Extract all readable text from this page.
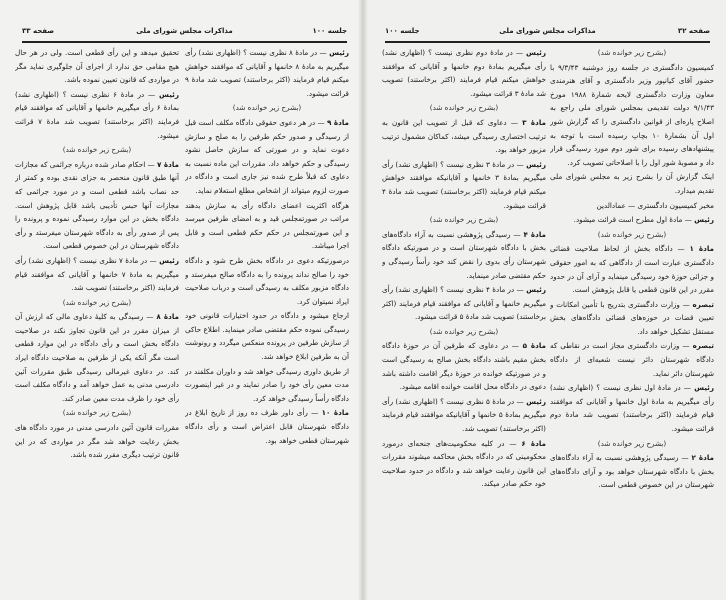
جلسه ۱۰۰
مذاکرات مجلس شورای ملی
صفحه ۳۳

رئیس — در مادهٔ ۸ نظری نیست ؟ (اظهاری نشد) رأی میگیریم به مادهٔ ۸ خانمها و آقایانی که موافقند خواهش میکنم قیام فرمایند (اکثر برخاستند) تصویب شد مادهٔ ۹ قرائت میشود.

(بشرح زیر خوانده شد)

مادهٔ ۹ — در هر دعوی حقوقی دادگاه مکلف است قبل از رسیدگی و صدور حکم طرفین را به صلح و سازش دعوت نماید و در صورتی که سازش حاصل نشود رسیدگی و حکم خواهد داد. مقررات این ماده نسبت به دعاوی که قبلاً طرح شده نیز جاری است و دادگاه در صورت لزوم میتواند از اشخاص مطلع استعلام نماید.

هرگاه اکثریت اعضای دادگاه رأی به سازش بدهند مراتب در صورتمجلس قید و به امضای طرفین میرسد و این صورتمجلس در حکم حکم قطعی است و قابل اجرا میباشد.

درصورتیکه دعوی در دادگاه بخش طرح شود و دادگاه خود را صالح نداند پرونده را به دادگاه صالح میفرستد و دادگاه مزبور مکلف به رسیدگی است و درباب صلاحیت ایراد نمیتوان کرد.

ارجاع میشود و دادگاه در حدود اختیارات قانونی خود رسیدگی نموده حکم مقتضی صادر مینماید. اطلاع حاکی از سازش طرفین در پرونده منعکس میگردد و رونوشت آن به طرفین ابلاغ خواهد شد.

از طریق داوری رسیدگی خواهد شد و داوران مکلفند در مدت معین رأی خود را صادر نمایند و در غیر اینصورت دادگاه رأساً رسیدگی خواهد کرد.

مادهٔ ۱۰ — رأی داور ظرف ده روز از تاریخ ابلاغ در دادگاه شهرستان قابل اعتراض است و رأی دادگاه شهرستان قطعی خواهد بود.

تحقیق میدهد و این رأی قطعی است. ولی در هر حال هیچ مقامی حق ندارد از اجرای آن جلوگیری نماید مگر در مواردی که قانون تعیین نموده باشد.

رئیس — در مادهٔ ۶ نظری نیست ؟ (اظهاری نشد) بمادهٔ ۶ رأی میگیریم خانمها و آقایانی که موافقند قیام فرمایند (اکثر برخاستند) تصویب شد مادهٔ ۷ قرائت میشود.

(بشرح زیر خوانده شد)

مادهٔ ۷ — احکام صادر شده درباره جرائمی که مجازات آنها طبق قانون منحصر به جزای نقدی بوده و کمتر از حد نصاب باشد قطعی است و در مورد جرائمی که مجازات آنها حبس تأدیبی باشد قابل پژوهش است. دادگاه بخش در این موارد رسیدگی نموده و پرونده را پس از صدور رأی به دادگاه شهرستان میفرستد و رأی دادگاه شهرستان در این خصوص قطعی است.

رئیس — در مادهٔ ۷ نظری نیست ؟ (اظهاری نشد) رأی میگیریم به مادهٔ ۷ خانمها و آقایانی که موافقند قیام فرمایند (اکثر برخاستند) تصویب شد.

(بشرح زیر خوانده شد)

مادهٔ ۸ — رسیدگی به کلیهٔ دعاوی مالی که ارزش آن از میزان مقرر در این قانون تجاوز نکند در صلاحیت دادگاه بخش است و رأی دادگاه در این موارد قطعی است مگر آنکه یکی از طرفین به صلاحیت دادگاه ایراد کند. در دعاوی غیرمالی رسیدگی طبق مقررات آئین دادرسی مدنی به عمل خواهد آمد و دادگاه مکلف است رأی خود را ظرف مدت معین صادر کند.

(بشرح زیر خوانده شد)

مقررات قانون آئین دادرسی مدنی در مورد دادگاه های بخش رعایت خواهد شد مگر در مواردی که در این قانون ترتیب دیگری مقرر شده باشد.

صفحه ۳۲
مذاکرات مجلس شورای ملی
جلسه ۱۰۰

(بشرح زیر خوانده شد)

کمیسیون دادگستری در جلسه روز دوشنبه ۹/۳/۴۳ با حضور آقای کیانپور وزیر دادگستری و آقای هنرمندی معاون وزارت دادگستری لایحه شمارهٔ ۱۹۸۸ مورخ ۹/۱/۴۳ دولت تقدیمی بمجلس شورای ملی راجع به اصلاح پاره‌ای از قوانین دادگستری را که گزارش شور اول آن بشمارهٔ ۱۰ بچاپ رسیده است با توجه به پیشنهادهای رسیده برای شور دوم مورد رسیدگی قرار داد و مصوبهٔ شور اول را با اصلاحاتی تصویب کرد.

اینک گزارش آن را بشرح زیر به مجلس شورای ملی تقدیم میدارد.

مخبر کمیسیون دادگستری — عمادالدین

رئیس — مادهٔ اول مطرح است قرائت میشود.

(بشرح زیر خوانده شد)

مادهٔ ۱ — دادگاه بخش از لحاظ صلاحیت قضائی دادگستری عبارت است از دادگاهی که به امور حقوقی و جزائی حوزهٔ خود رسیدگی مینماید و آرای آن در حدود مقرر در این قانون قطعی یا قابل پژوهش است.

تبصره — وزارت دادگستری بتدریج با تأمین امکانات و تعیین قضات در حوزه‌های قضائی دادگاه‌های بخش مستقل تشکیل خواهد داد.

تبصره — وزارت دادگستری مجاز است در نقاطی که دادگاه شهرستان دائر نیست شعبه‌ای از دادگاه شهرستان دائر نماید.

رئیس — در مادهٔ اول نظری نیست ؟ (اظهاری نشد) رأی میگیریم به مادهٔ اول خانمها و آقایانی که موافقند قیام فرمایند (اکثر برخاستند) تصویب شد مادهٔ دوم قرائت میشود.

(بشرح زیر خوانده شد)

مادهٔ ۲ — رسیدگی پژوهشی نسبت به آراء دادگاه‌های بخش با دادگاه شهرستان خواهد بود و آرای دادگاه‌های شهرستان در این خصوص قطعی است.

رئیس — در مادهٔ دوم نظری نیست ؟ (اظهاری نشد) رأی میگیریم بمادهٔ دوم خانمها و آقایانی که موافقند خواهش میکنم قیام فرمایند (اکثر برخاستند) تصویب شد مادهٔ ۳ قرائت میشود.

(بشرح زیر خوانده شد)

مادهٔ ۳ — دعاوی که قبل از تصویب این قانون به ترتیب اختصاری رسیدگی میشد، کماکان مشمول ترتیب مزبور خواهد بود.

رئیس — در مادهٔ ۳ نظری نیست ؟ (اظهاری نشد) رأی میگیریم بمادهٔ ۳ خانمها و آقایانیکه موافقند خواهش میکنم قیام فرمایند (اکثر برخاستند) تصویب شد مادهٔ ۴ قرائت میشود.

(بشرح زیر خوانده شد)

مادهٔ ۴ — رسیدگی پژوهشی نسبت به آراء دادگاه‌های بخش با دادگاه شهرستان است و در صورتیکه دادگاه شهرستان رأی بدوی را نقض کند خود رأساً رسیدگی و حکم مقتضی صادر مینماید.

رئیس — در مادهٔ ۴ نظری نیست ؟ (اظهاری نشد) رأی میگیریم خانمها و آقایانی که موافقند قیام فرمایند (اکثر برخاستند) تصویب شد مادهٔ ۵ قرائت میشود.

(بشرح زیر خوانده شد)

مادهٔ ۵ — در دعاوی که طرفین آن در حوزهٔ دادگاه بخش مقیم باشند دادگاه بخش صالح به رسیدگی است و در صورتیکه خوانده در حوزهٔ دیگر اقامت داشته باشد دعوی در دادگاه محل اقامت خوانده اقامه میشود.

رئیس — در مادهٔ ۵ نظری نیست ؟ (اظهاری نشد) رأی میگیریم بمادهٔ ۵ خانمها و آقایانیکه موافقند قیام فرمایند (اکثر برخاستند) تصویب شد.

مادهٔ ۶ — در کلیه محکومیت‌های جنحه‌ای درمورد محکومینی که در دادگاه بخش محاکمه میشوند مقررات این قانون رعایت خواهد شد و دادگاه در حدود صلاحیت خود حکم صادر میکند.
